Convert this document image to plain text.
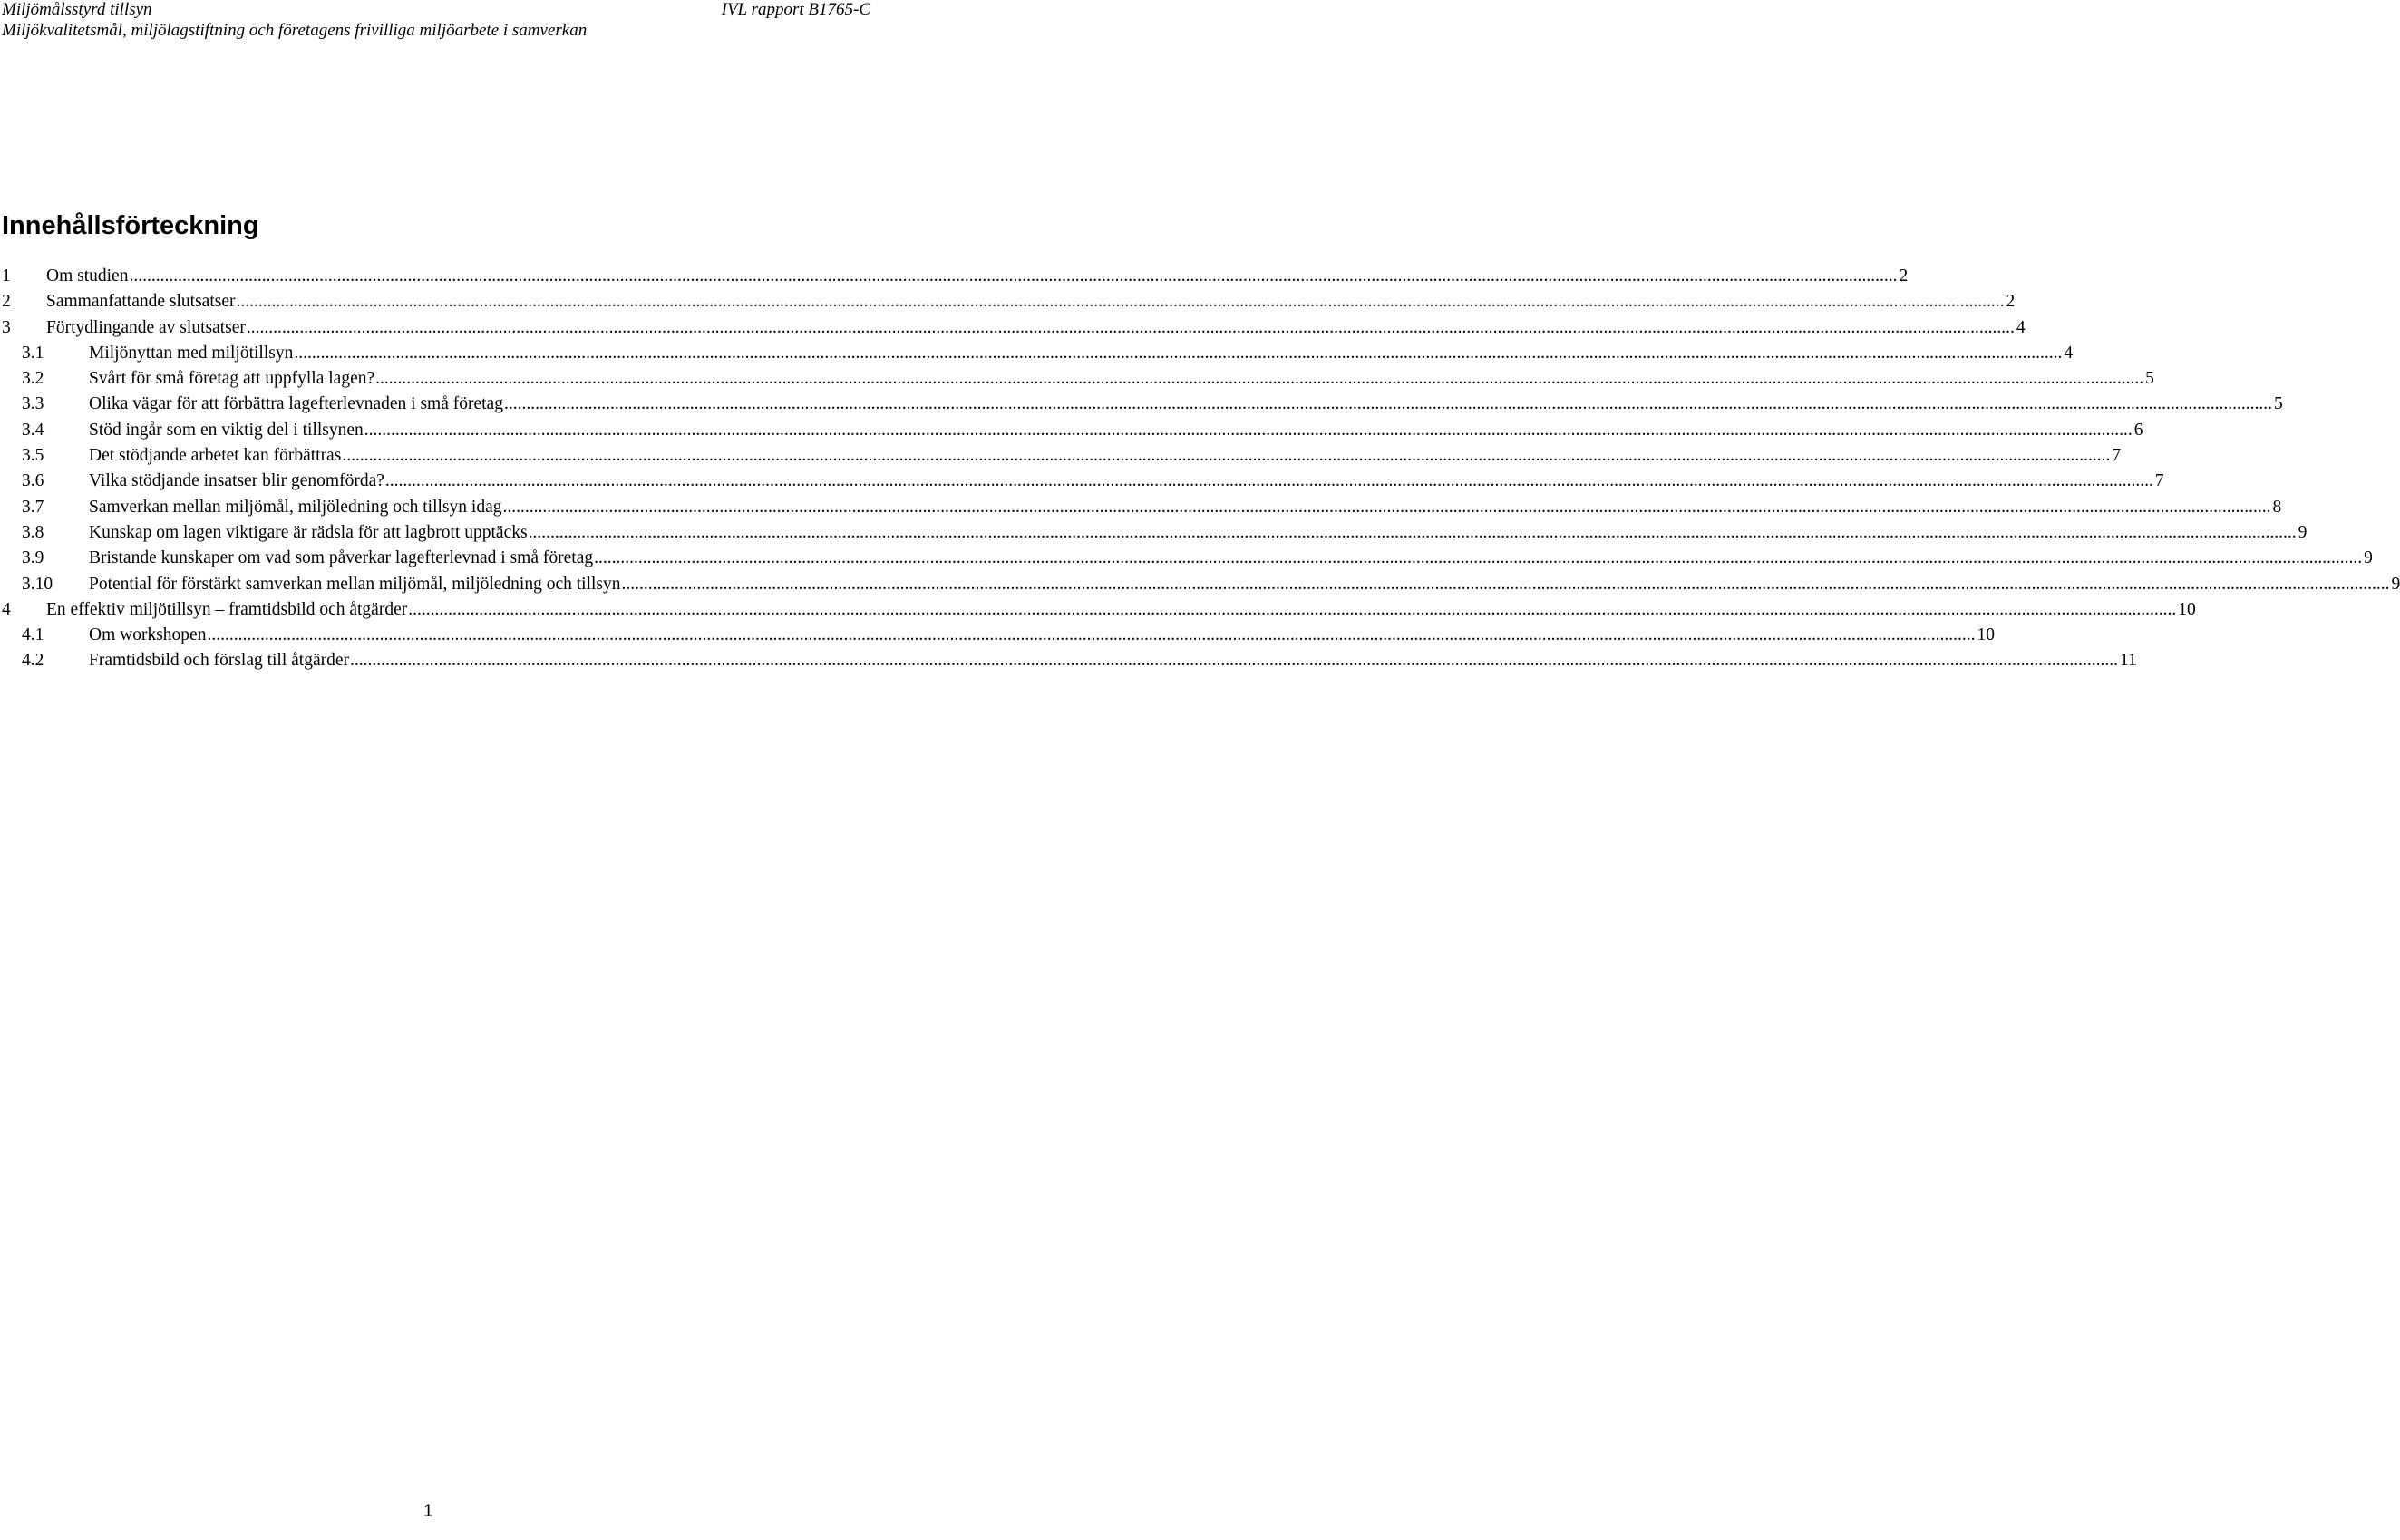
Miljömålsstyrd tillsyn
Miljökvalitetsmål, miljölagstiftning och företagens frivilliga miljöarbete i samverkan
IVL rapport B1765-C
Innehållsförteckning
1 Om studien ................................................................................................................................................................................................................................................................................................................................................................................................................ 2
2 Sammanfattande slutsatser ................................................................................................................................................................................................................................................................................................................................................................................................................ 2
3 Förtydlingande av slutsatser ................................................................................................................................................................................................................................................................................................................................................................................................................ 4
3.1	Miljönyttan med miljötillsyn ................................................................................................................................................................................................................................................................................................................................................................................................................ 4
3.2	Svårt för små företag att uppfylla lagen? ................................................................................................................................................................................................................................................................................................................................................................................................................ 5
3.3	Olika vägar för att förbättra lagefterlevnaden i små företag ................................................................................................................................................................................................................................................................................................................................................................................................................ 5
3.4	Stöd ingår som en viktig del i tillsynen ................................................................................................................................................................................................................................................................................................................................................................................................................ 6
3.5	Det stödjande arbetet kan förbättras ................................................................................................................................................................................................................................................................................................................................................................................................................ 7
3.6	Vilka stödjande insatser blir genomförda? ................................................................................................................................................................................................................................................................................................................................................................................................................ 7
3.7	Samverkan mellan miljömål, miljöledning och tillsyn idag ................................................................................................................................................................................................................................................................................................................................................................................................................ 8
3.8	Kunskap om lagen viktigare är rädsla för att lagbrott upptäcks ................................................................................................................................................................................................................................................................................................................................................................................................................ 9
3.9	Bristande kunskaper om vad som påverkar lagefterlevnad i små företag ................................................................................................................................................................................................................................................................................................................................................................................................................ 9
3.10 Potential för förstärkt samverkan mellan miljömål, miljöledning och tillsyn ................................................................................................................................................................................................................................................................................................................................................................................................................ 9
4 En effektiv miljötillsyn – framtidsbild och åtgärder ................................................................................................................................................................................................................................................................................................................................................................................................................ 10
4.1	Om workshopen ................................................................................................................................................................................................................................................................................................................................................................................................................ 10
4.2	Framtidsbild och förslag till åtgärder ................................................................................................................................................................................................................................................................................................................................................................................................................ 11
1
